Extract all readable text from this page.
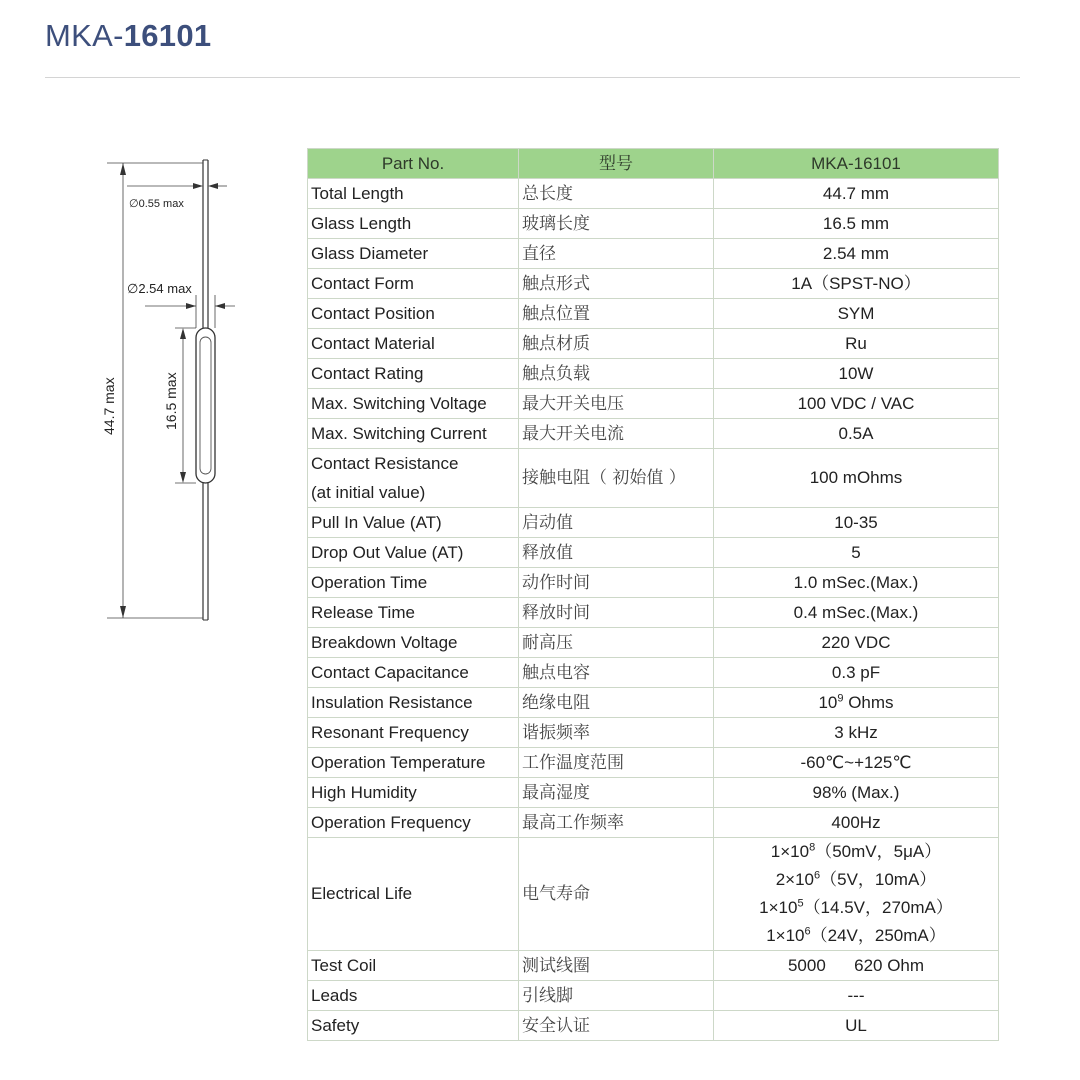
MKA-16101
∅0.55 max
∅2.54 max
16.5 max
44.7 max
Part No.	型号	MKA-16101
Total Length	总长度	44.7 mm
Glass Length	玻璃长度	16.5 mm
Glass Diameter	直径	2.54 mm
Contact Form	触点形式	1A（SPST-NO）
Contact Position	触点位置	SYM
Contact Material	触点材质	Ru
Contact Rating	触点负载	10W
Max. Switching Voltage	最大开关电压	100 VDC / VAC
Max. Switching Current	最大开关电流	0.5A

Contact Resistance
(at initial value)	接触电阻（ 初始值 ）	100 mOhms
Pull In Value (AT)	启动值	10-35
Drop Out Value (AT)	释放值	5
Operation Time	动作时间	1.0 mSec.(Max.)
Release Time	释放时间	0.4 mSec.(Max.)
Breakdown Voltage	耐高压	220 VDC
Contact Capacitance	触点电容	0.3 pF
Insulation Resistance	绝缘电阻	$10^9$ Ohms
Resonant Frequency	谐振频率	3 kHz
Operation Temperature	工作温度范围	-60℃~+125℃
High Humidity	最高湿度	98% (Max.)
Operation Frequency	最高工作频率	400Hz
Electrical Life	电气寿命	$1\times 10^8(50mV$，5μA）
$2\times 10^6(5V$，10mA）
$1\times 10^5(14.5V$，270mA）
$1\times 10^6(24V$，250mA）

Test Coil	测试线圈	5000      620 Ohm
Leads	引线脚	---
Safety	安全认证	UL
